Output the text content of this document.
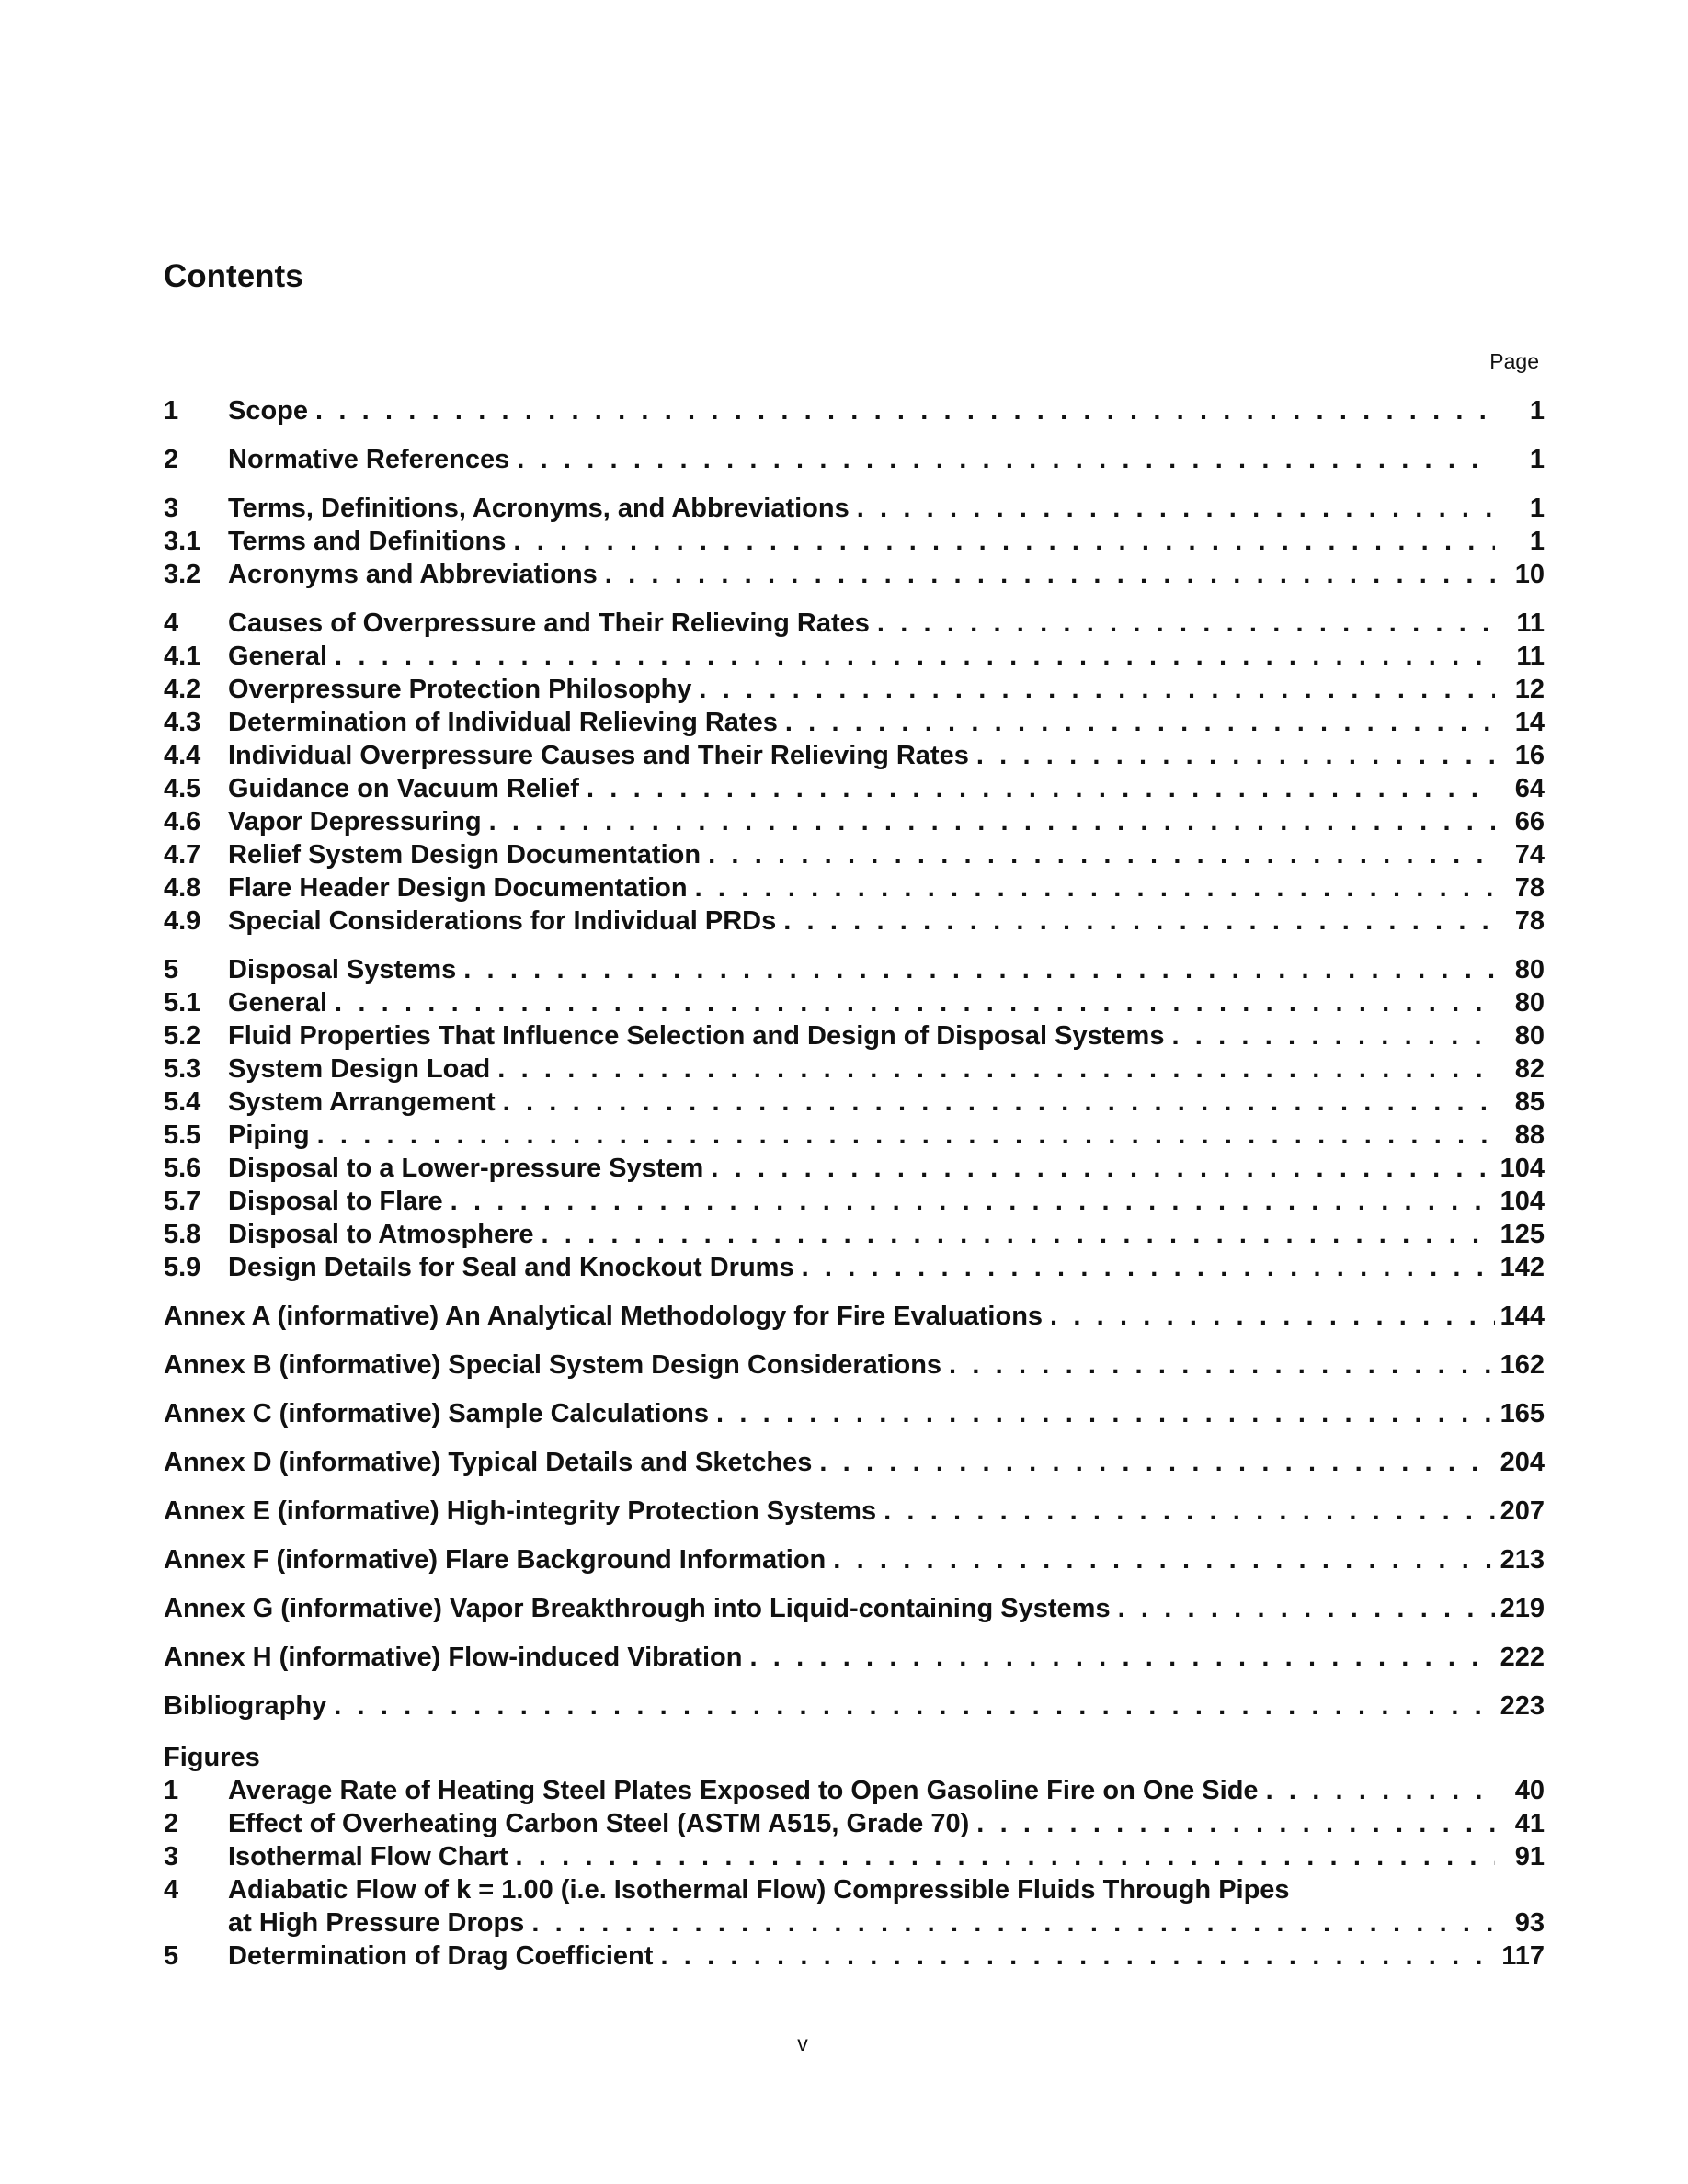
Contents
Page
1	Scope . . .	1
2	Normative References . . .	1
3	Terms, Definitions, Acronyms, and Abbreviations . . .	1
3.1	Terms and Definitions . . .	1
3.2	Acronyms and Abbreviations . . .	10
4	Causes of Overpressure and Their Relieving Rates . . .	11
4.1	General . . .	11
4.2	Overpressure Protection Philosophy . . .	12
4.3	Determination of Individual Relieving Rates . . .	14
4.4	Individual Overpressure Causes and Their Relieving Rates . . .	16
4.5	Guidance on Vacuum Relief . . .	64
4.6	Vapor Depressuring . . .	66
4.7	Relief System Design Documentation . . .	74
4.8	Flare Header Design Documentation . . .	78
4.9	Special Considerations for Individual PRDs . . .	78
5	Disposal Systems . . .	80
5.1	General . . .	80
5.2	Fluid Properties That Influence Selection and Design of Disposal Systems . . .	80
5.3	System Design Load . . .	82
5.4	System Arrangement . . .	85
5.5	Piping . . .	88
5.6	Disposal to a Lower-pressure System . . .	104
5.7	Disposal to Flare . . .	104
5.8	Disposal to Atmosphere . . .	125
5.9	Design Details for Seal and Knockout Drums . . .	142
Annex A (informative) An Analytical Methodology for Fire Evaluations . . .	144
Annex B (informative) Special System Design Considerations . . .	162
Annex C (informative) Sample Calculations . . .	165
Annex D (informative) Typical Details and Sketches . . .	204
Annex E (informative) High-integrity Protection Systems . . .	207
Annex F (informative) Flare Background Information . . .	213
Annex G (informative) Vapor Breakthrough into Liquid-containing Systems . . .	219
Annex H (informative) Flow-induced Vibration . . .	222
Bibliography . . .	223
Figures
1	Average Rate of Heating Steel Plates Exposed to Open Gasoline Fire on One Side . . .	40
2	Effect of Overheating Carbon Steel (ASTM A515, Grade 70) . . .	41
3	Isothermal Flow Chart . . .	91
4	Adiabatic Flow of k = 1.00 (i.e. Isothermal Flow) Compressible Fluids Through Pipes
at High Pressure Drops . . .	93
5	Determination of Drag Coefficient . . .	117
v
